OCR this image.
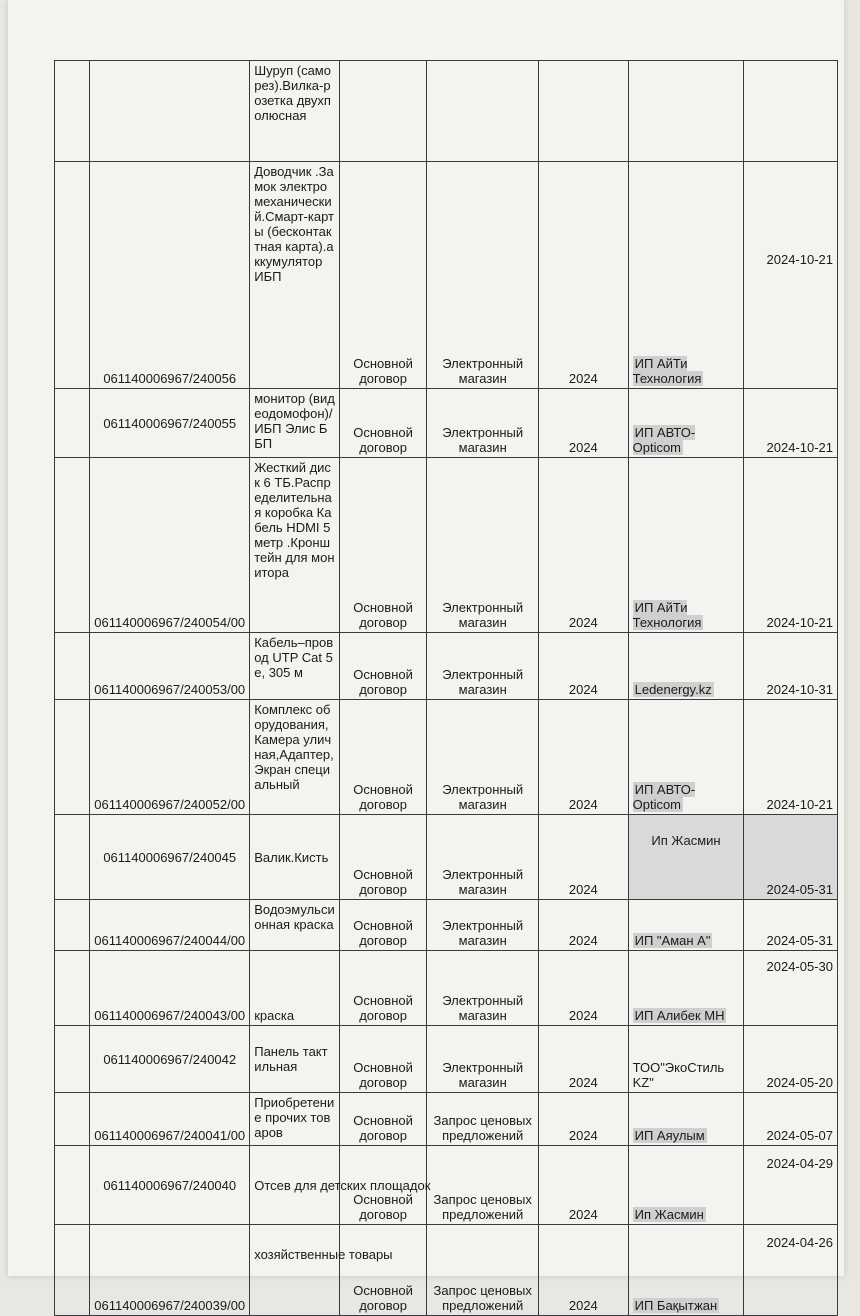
		Шуруп (саморез).Вилка-розетка двухполюсная					
	061140006967/240056	Доводчик .Замок электромеханический.Смарт-карты (бесконтактная карта).аккумулятор ИБП	Основной договор	Электронный магазин	2024	ИП АйТи Технология	2024-10-21
	061140006967/240055	монитор (видеодомофон)/ИБП Элис ББП	Основной договор	Электронный магазин	2024	ИП АВТО-Opticom	2024-10-21
	061140006967/240054/00	Жесткий диск 6 ТБ.Распределительная коробка Кабель HDMI 5 метр .Кронштейн для монитора	Основной договор	Электронный магазин	2024	ИП АйТи Технология	2024-10-21
	061140006967/240053/00	Кабель–провод UTP Cat 5e, 305 м	Основной договор	Электронный магазин	2024	Ledenergy.kz	2024-10-31
	061140006967/240052/00	Комплекс оборудования,Камера уличная,Адаптер,Экран специальный	Основной договор	Электронный магазин	2024	ИП АВТО-Opticom	2024-10-21
	061140006967/240045	Валик.Кисть	Основной договор	Электронный магазин	2024	Ип Жасмин	2024-05-31
	061140006967/240044/00	Водоэмульсионная краска	Основной договор	Электронный магазин	2024	ИП "Аман А"	2024-05-31
	061140006967/240043/00	краска	Основной договор	Электронный магазин	2024	ИП Алибек МН	2024-05-30
	061140006967/240042	Панель тактильная	Основной договор	Электронный магазин	2024	ТОО"ЭкоСтиль KZ"	2024-05-20
	061140006967/240041/00	Приобретение прочих товаров	Основной договор	Запрос ценовых предложений	2024	ИП Аяулым	2024-05-07
	061140006967/240040	Отсев для детских площадок	Основной договор	Запрос ценовых предложений	2024	Ип Жасмин	2024-04-29
	061140006967/240039/00	хозяйственные товары	Основной договор	Запрос ценовых предложений	2024	ИП Бақытжан	2024-04-26
